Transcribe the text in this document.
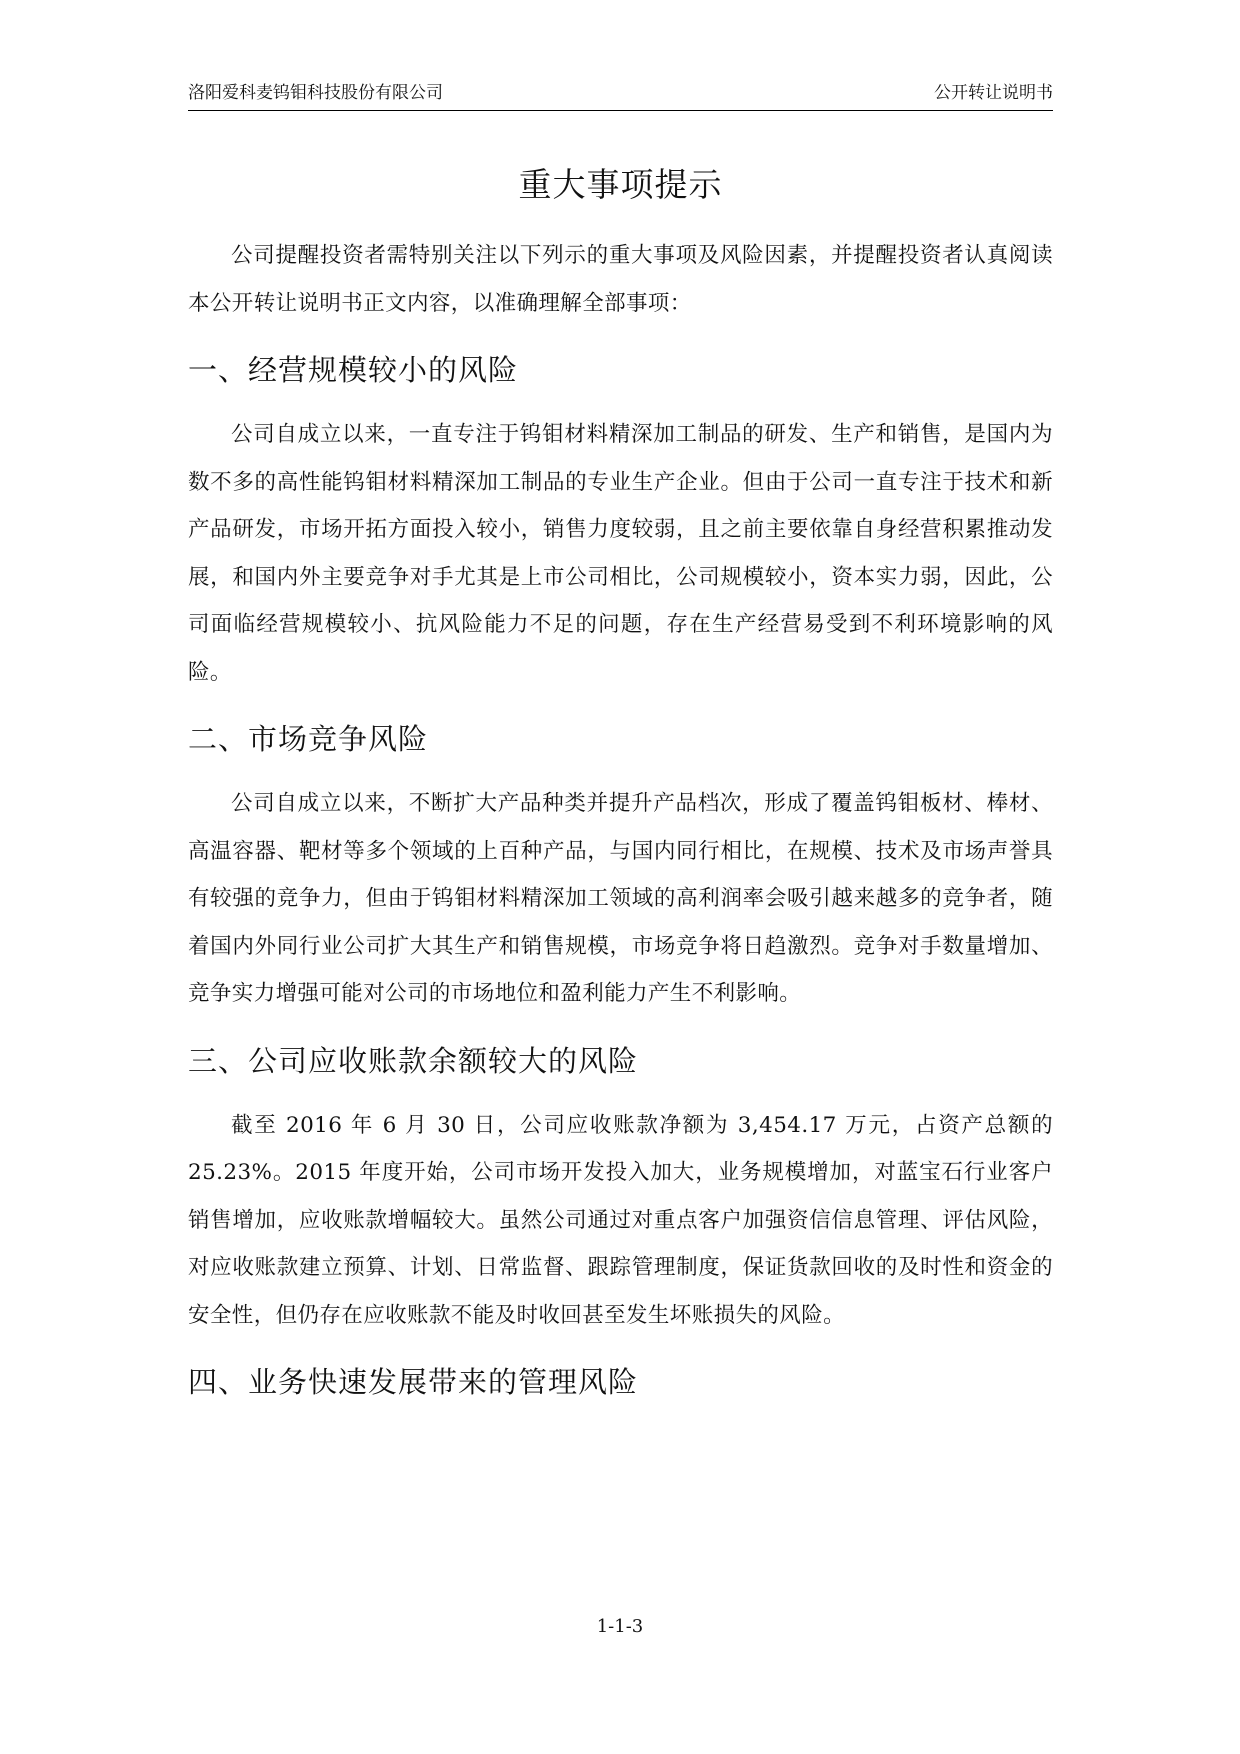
洛阳爱科麦钨钼科技股份有限公司	公开转让说明书
重大事项提示

公司提醒投资者需特别关注以下列示的重大事项及风险因素，并提醒投资者认真阅读本公开转让说明书正文内容，以准确理解全部事项：

一、经营规模较小的风险

公司自成立以来，一直专注于钨钼材料精深加工制品的研发、生产和销售，是国内为数不多的高性能钨钼材料精深加工制品的专业生产企业。但由于公司一直专注于技术和新产品研发，市场开拓方面投入较小，销售力度较弱，且之前主要依靠自身经营积累推动发展，和国内外主要竞争对手尤其是上市公司相比，公司规模较小，资本实力弱，因此，公司面临经营规模较小、抗风险能力不足的问题，存在生产经营易受到不利环境影响的风险。

二、市场竞争风险

公司自成立以来，不断扩大产品种类并提升产品档次，形成了覆盖钨钼板材、棒材、高温容器、靶材等多个领域的上百种产品，与国内同行相比，在规模、技术及市场声誉具有较强的竞争力，但由于钨钼材料精深加工领域的高利润率会吸引越来越多的竞争者，随着国内外同行业公司扩大其生产和销售规模，市场竞争将日趋激烈。竞争对手数量增加、竞争实力增强可能对公司的市场地位和盈利能力产生不利影响。

三、公司应收账款余额较大的风险

截至 2016 年 6 月 30 日，公司应收账款净额为 3,454.17 万元，占资产总额的 25.23%。2015 年度开始，公司市场开发投入加大，业务规模增加，对蓝宝石行业客户销售增加，应收账款增幅较大。虽然公司通过对重点客户加强资信信息管理、评估风险，对应收账款建立预算、计划、日常监督、跟踪管理制度，保证货款回收的及时性和资金的安全性，但仍存在应收账款不能及时收回甚至发生坏账损失的风险。

四、业务快速发展带来的管理风险
1-1-3
